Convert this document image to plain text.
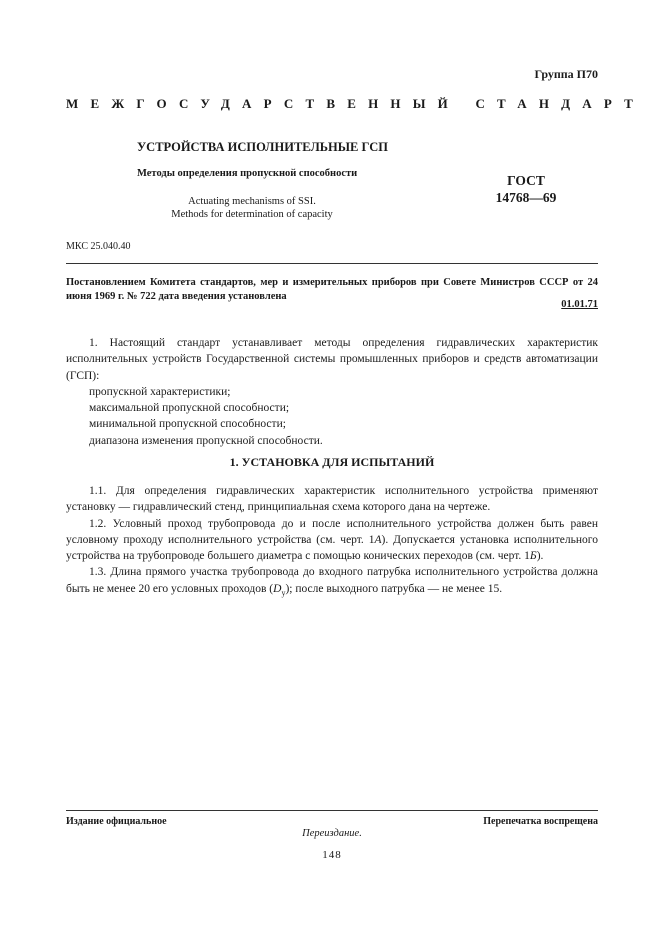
Группа П70
МЕЖГОСУДАРСТВЕННЫЙ СТАНДАРТ
УСТРОЙСТВА ИСПОЛНИТЕЛЬНЫЕ ГСП
Методы определения пропускной способности
Actuating mechanisms of SSI.
Methods for determination of capacity
ГОСТ
14768—69
МКС 25.040.40
Постановлением Комитета стандартов, мер и измерительных приборов при Совете Министров СССР от 24 июня 1969 г. № 722 дата введения установлена
01.01.71

1. Настоящий стандарт устанавливает методы определения гидравлических характеристик исполнительных устройств Государственной системы промышленных приборов и средств автоматизации (ГСП):

пропускной характеристики;

максимальной пропускной способности;

минимальной пропускной способности;

диапазона изменения пропускной способности.

1. УСТАНОВКА ДЛЯ ИСПЫТАНИЙ

1.1. Для определения гидравлических характеристик исполнительного устройства применяют установку — гидравлический стенд, принципиальная схема которого дана на чертеже.

1.2. Условный проход трубопровода до и после исполнительного устройства должен быть равен условному проходу исполнительного устройства (см. черт. 1А). Допускается установка исполнительного устройства на трубопроводе большего диаметра с помощью конических переходов (см. черт. 1Б).

1.3. Длина прямого участка трубопровода до входного патрубка исполнительного устройства должна быть не менее 20 его условных проходов $(D_у)$; после выходного патрубка — не менее 15.

Издание официальное	Перепечатка воспрещена
Переиздание.
148
